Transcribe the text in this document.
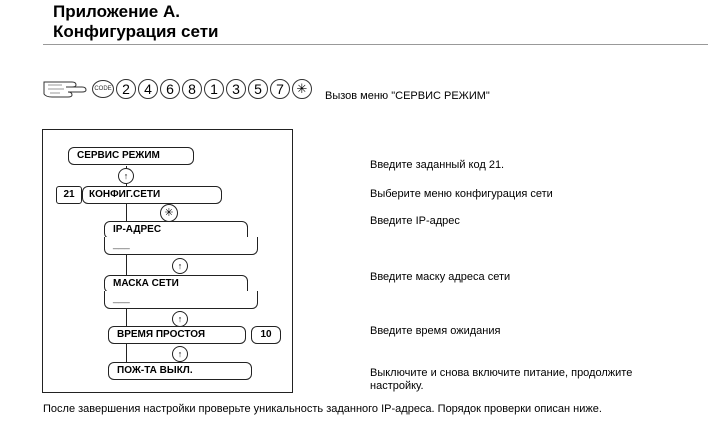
Приложение А.
Конфигурация сети
CODE 2	4	6	8	1	3	5	7 ✳	Вызов меню "СЕРВИС РЕЖИМ"
СЕРВИС РЕЖИМ
↑
21	КОНФИГ.СЕТИ
✳
IP-АДРЕС
___
↑
МАСКА СЕТИ
___
↑
ВРЕМЯ ПРОСТОЯ	10
↑
ПОЖ-ТА ВЫКЛ.
Введите заданный код 21.
Выберите меню конфигурация сети
Введите IP-адрес
Введите маску адреса сети
Введите время ожидания
Выключите и снова включите питание, продолжите
настройку.
После завершения настройки проверьте уникальность заданного IP-адреса. Порядок проверки описан ниже.
